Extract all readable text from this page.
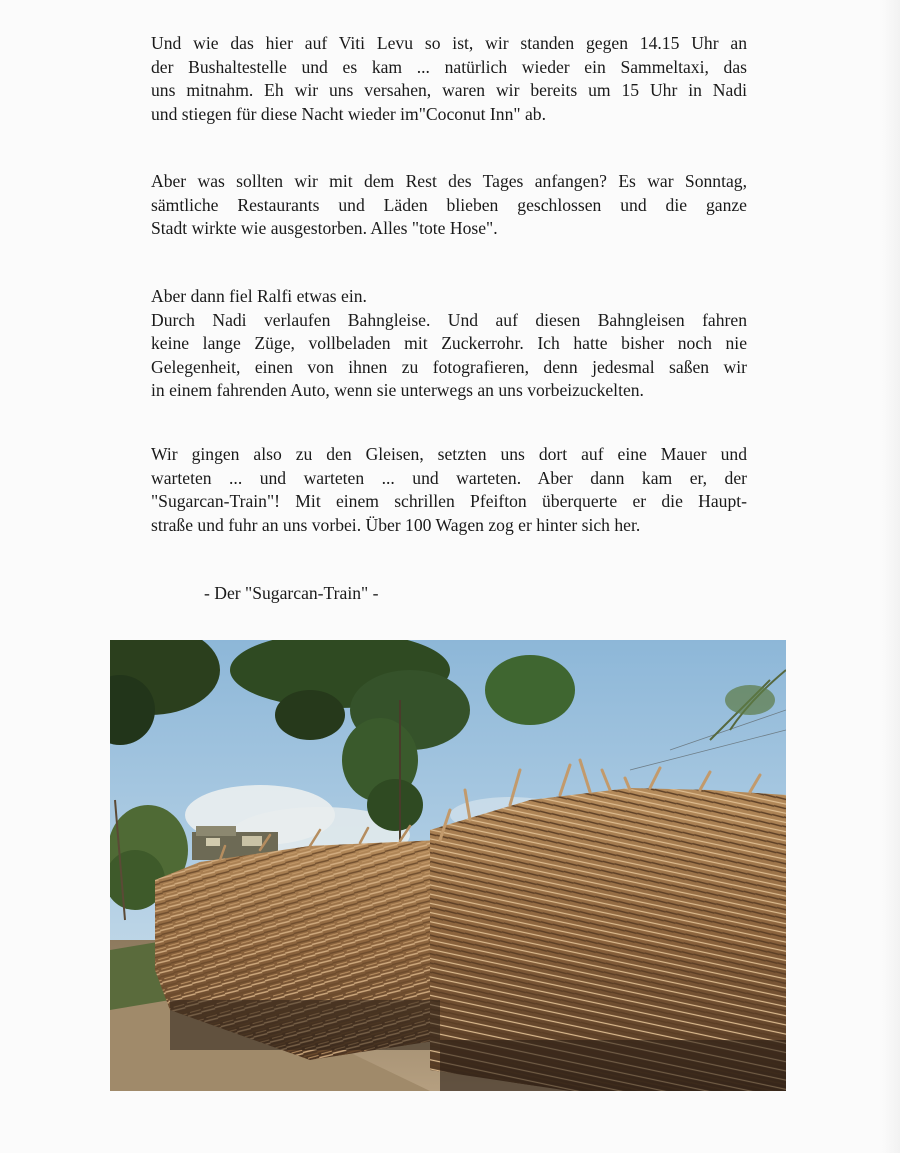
Und wie das hier auf Viti Levu so ist, wir standen gegen 14.15 Uhr an
der Bushaltestelle und es kam ... natürlich wieder ein Sammeltaxi, das
uns mitnahm. Eh wir uns versahen, waren wir bereits um 15 Uhr in Nadi
und stiegen für diese Nacht wieder im"Coconut Inn" ab.
Aber was sollten wir mit dem Rest des Tages anfangen? Es war Sonntag,
sämtliche Restaurants und Läden blieben geschlossen und die ganze
Stadt wirkte wie ausgestorben. Alles "tote Hose".
Aber dann fiel Ralfi etwas ein.
Durch Nadi verlaufen Bahngleise. Und auf diesen Bahngleisen fahren
keine lange Züge, vollbeladen mit Zuckerrohr. Ich hatte bisher noch nie
Gelegenheit, einen von ihnen zu fotografieren, denn jedesmal saßen wir
in einem fahrenden Auto, wenn sie unterwegs an uns vorbeizuckelten.
Wir gingen also zu den Gleisen, setzten uns dort auf eine Mauer und
warteten ... und warteten ... und warteten. Aber dann kam er, der
"Sugarcan-Train"! Mit einem schrillen Pfeifton überquerte er die Haupt-
straße und fuhr an uns vorbei. Über 100 Wagen zog er hinter sich her.

- Der "Sugarcan-Train" -
